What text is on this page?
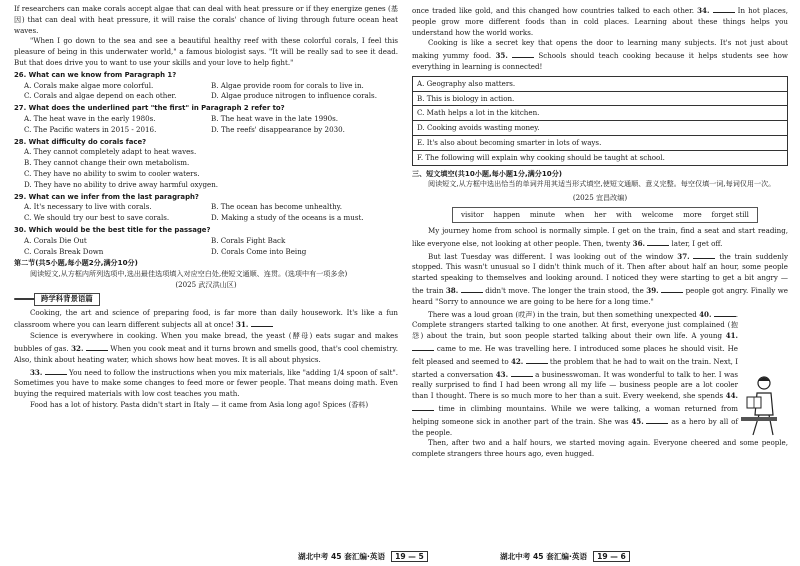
If researchers can make corals accept algae that can deal with heat pressure or if they energize genes (基因) that can deal with heat pressure, it will raise the corals' chance of living through future ocean heat waves.

"When I go down to the sea and see a beautiful healthy reef with these colorful corals, I feel this pleasure of being in this underwater world," a famous biologist says. "It will be really sad to see it dead. But that does drive you to want to use your skills and your love to help fight."

26. What can we know from Paragraph 1?

A. Corals make algae more colorful.	B. Algae provide room for corals to live in.

C. Corals and algae depend on each other.	D. Algae produce nitrogen to influence corals.

27. What does the underlined part "the first" in Paragraph 2 refer to?

A. The heat wave in the early 1980s.	B. The heat wave in the late 1990s.

C. The Pacific waters in 2015 - 2016.	D. The reefs' disappearance by 2030.

28. What difficulty do corals face?

A. They cannot completely adapt to heat waves.

B. They cannot change their own metabolism.

C. They have no ability to swim to cooler waters.

D. They have no ability to drive away harmful oxygen.

29. What can we infer from the last paragraph?

A. It's necessary to live with corals.	B. The ocean has become unhealthy.

C. We should try our best to save corals.	D. Making a study of the oceans is a must.

30. Which would be the best title for the passage?

A. Corals Die Out	B. Corals Fight Back

C. Corals Break Down	D. Corals Come into Being

第二节(共5小题,每小题2分,满分10分)

阅读短文,从方框内所列选项中,选出最佳选项填入对应空白处,使短文通顺、连贯。(选项中有一项多余)

(2025 武汉洪山区)

跨学科背景语篇

Cooking, the art and science of preparing food, is far more than daily housework. It's like a fun classroom where you can learn different subjects all at once! 31.

Science is everywhere in cooking. When you make bread, the yeast (酵母) eats sugar and makes bubbles of gas. 32.	When you cook meat and it turns brown and smells good, that's cool chemistry. Also, think about heating water, which shows how heat moves. It is all about physics.

33.	You need to follow the instructions when you mix materials, like "adding 1/4 spoon of salt". Sometimes you have to make some changes to feed more or fewer people. That means doing math. Even buying the required materials with low cost teaches you math.

Food has a lot of history. Pasta didn't start in Italy — it came from Asia long ago! Spices (香料)

once traded like gold, and this changed how countries talked to each other. 34.	In hot places, people grow more different foods than in cold places. Learning about these things helps you understand how the world works.

Cooking is like a secret key that opens the door to learning many subjects. It's not just about making yummy food. 35.	Schools should teach cooking because it helps students see how everything in learning is connected!

A. Geography also matters.
B. This is biology in action.
C. Math helps a lot in the kitchen.
D. Cooking avoids wasting money.
E. It's also about becoming smarter in lots of ways.
F. The following will explain why cooking should be taught at school.

三、短文填空(共10小题,每小题1分,满分10分)

阅读短文,从方框中选出恰当的单词并用其适当形式填空,使短文通顺、意义完整。每空仅填一词,每词仅用一次。

(2025 宜昌改编)

visitor happen minute when her with welcome more forget still

My journey home from school is normally simple. I get on the train, find a seat and start reading, like everyone else, not looking at other people. Then, twenty 36.	later, I get off.

But last Tuesday was different. I was looking out of the window 37.	the train suddenly stopped. This wasn't unusual so I didn't think much of it. Then after about half an hour, some people started speaking to themselves and looking around. I noticed they were starting to get a bit angry — the train 38.	didn't move. The longer the train stood, the 39.	people got angry. Finally we heard "Sorry to announce we are going to be here for a long time."

There was a loud groan (哎声) in the train, but then something unexpected 40.	. Complete strangers started talking to one another. At first, everyone just complained (抱怨) about the train, but soon people started talking about their own life. A young 41.  came to me. He was travelling here. I introduced some places he should visit. He felt pleased and seemed to 42.	the problem that he had to wait on the train. Next, I started a conversation 43.	a businesswoman. It was wonderful to talk to her. I was really surprised to find I had been wrong all my life — business people are a lot cooler than I thought. There is so much more to her than a suit. Every weekend, she spends 44.  time in climbing mountains. While we were talking, a woman returned from helping someone sick in another part of the train. She was 45.	as a hero by all of the people.

Then, after two and a half hours, we started moving again. Everyone cheered and some people, complete strangers three hours ago, even hugged.

湖北中考 45 套汇编·英语 19 — 5	湖北中考 45 套汇编·英语 19 — 6
